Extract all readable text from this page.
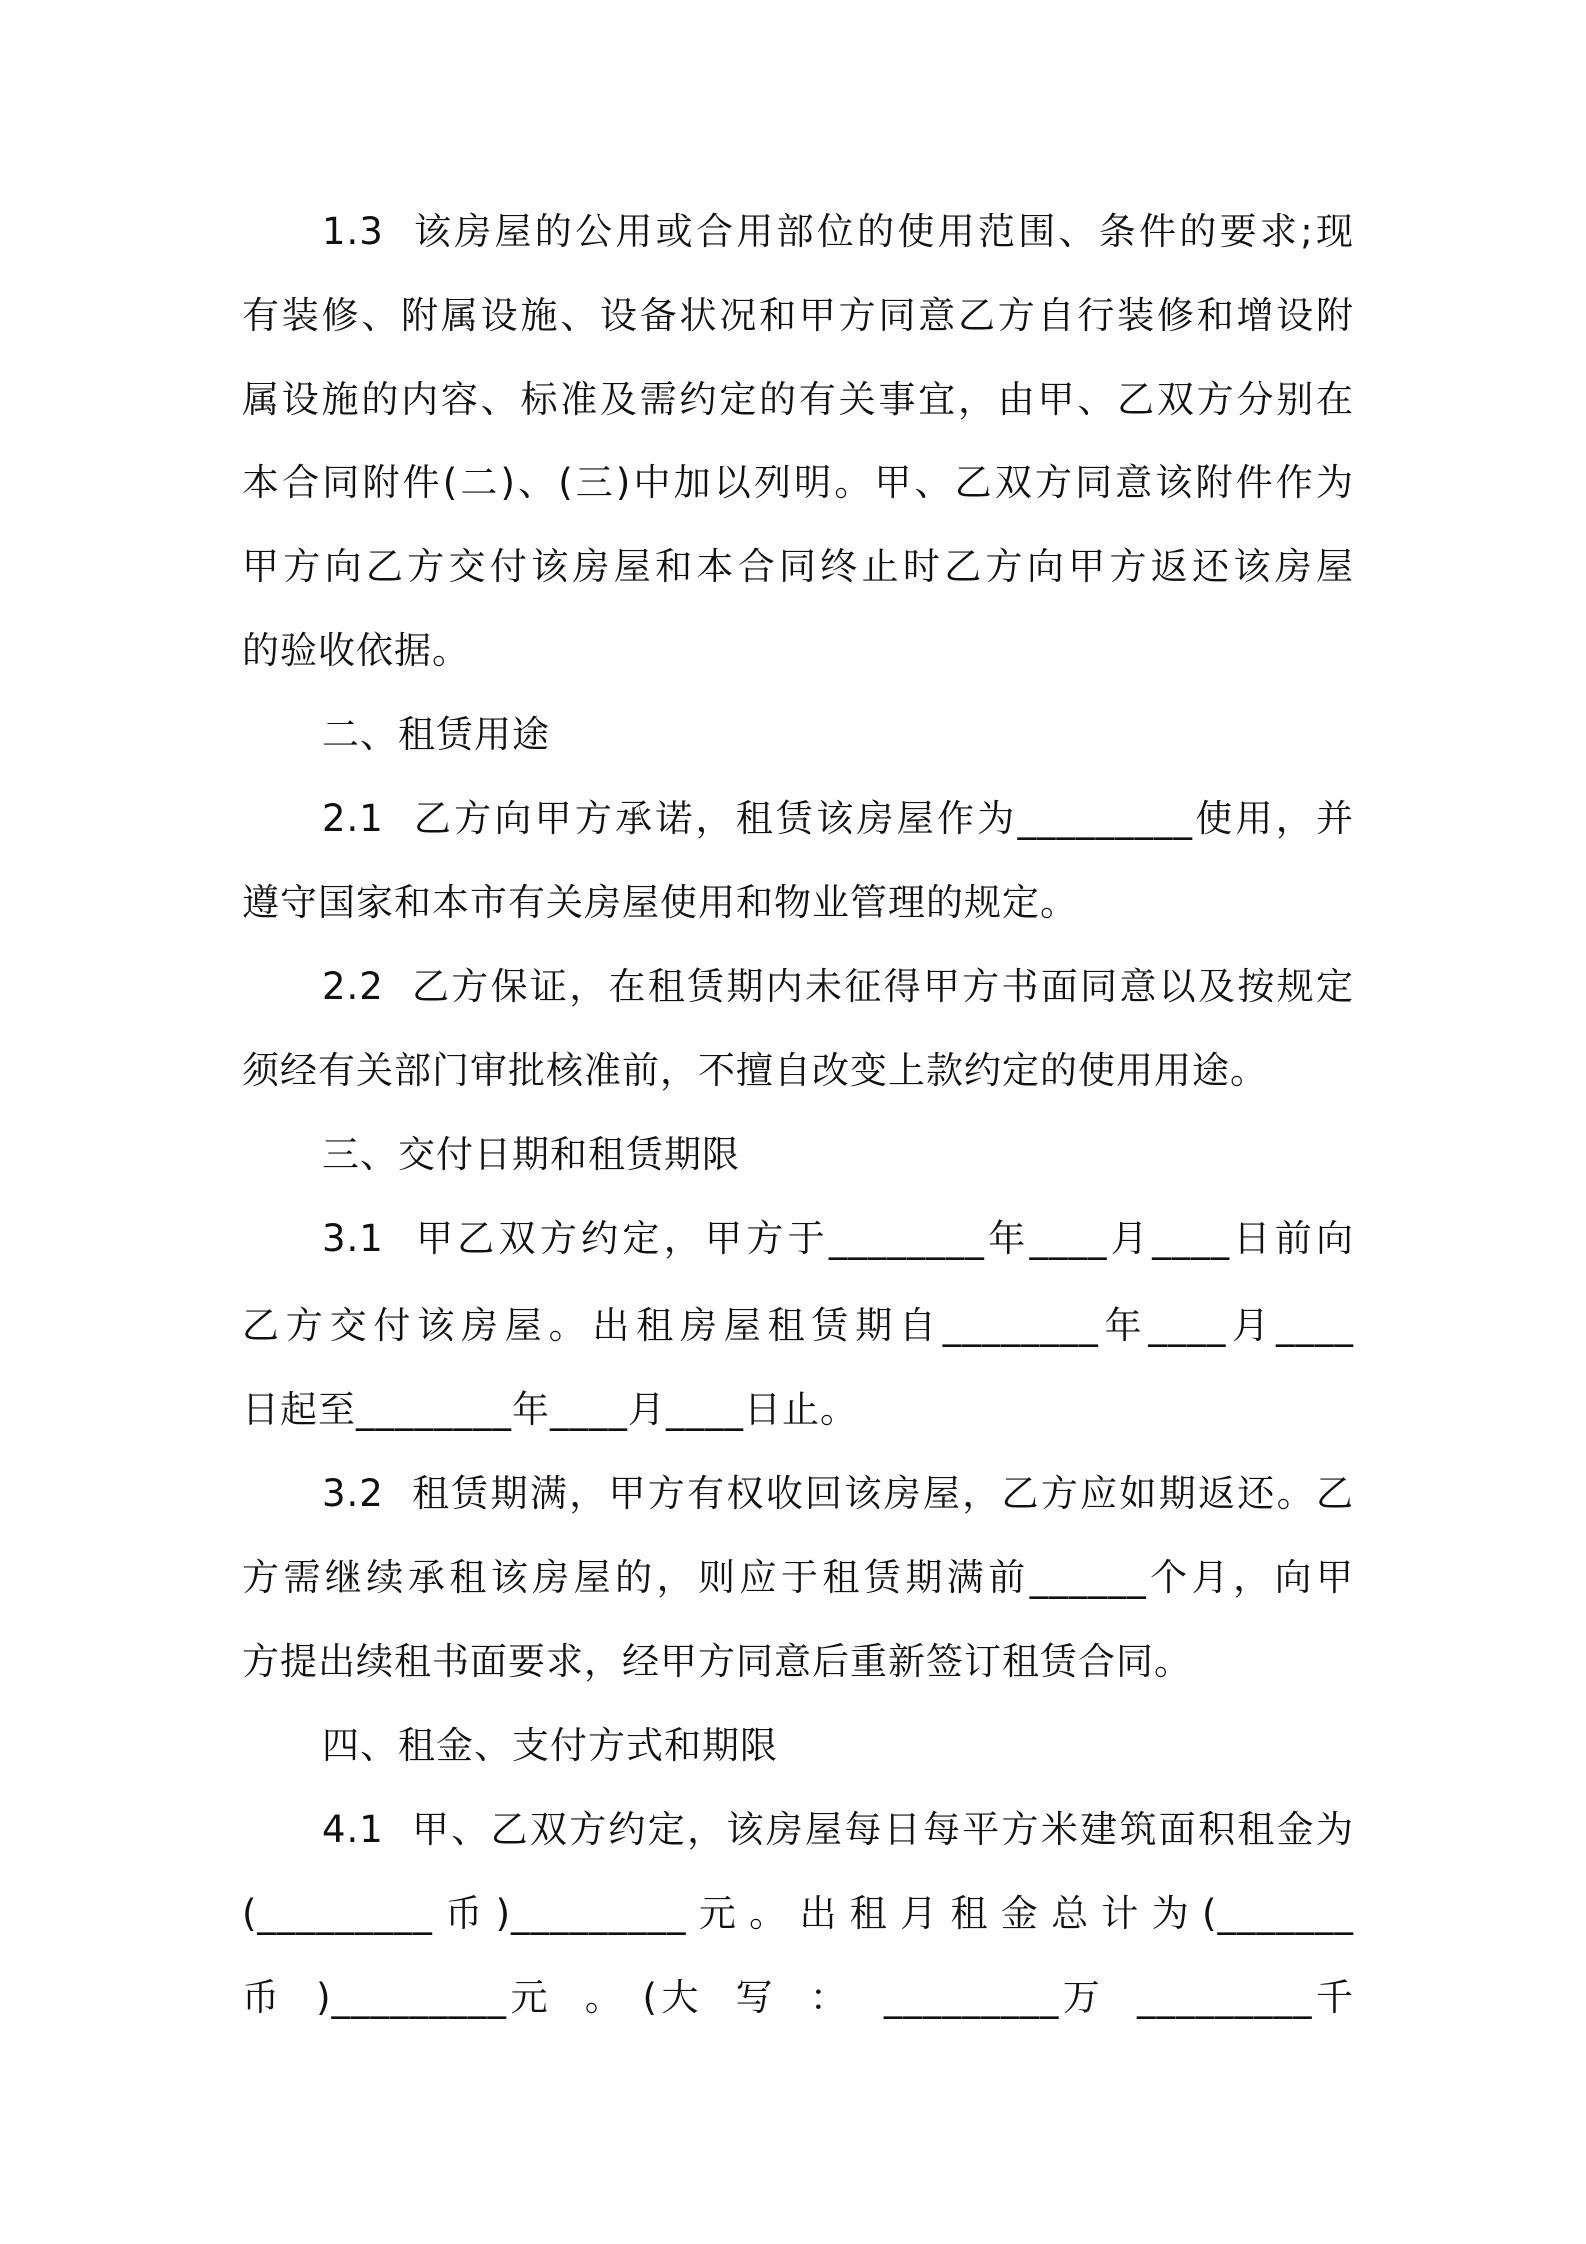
1.3  该房屋的公用或合用部位的使用范围、条件的要求;现
有装修、附属设施、设备状况和甲方同意乙方自行装修和增设附
属设施的内容、标准及需约定的有关事宜，由甲、乙双方分别在
本合同附件(二)、(三)中加以列明。甲、乙双方同意该附件作为
甲方向乙方交付该房屋和本合同终止时乙方向甲方返还该房屋
的验收依据。
二、租赁用途
2.1  乙方向甲方承诺，租赁该房屋作为_________使用，并
遵守国家和本市有关房屋使用和物业管理的规定。
2.2  乙方保证，在租赁期内未征得甲方书面同意以及按规定
须经有关部门审批核准前，不擅自改变上款约定的使用用途。
三、交付日期和租赁期限
3.1  甲乙双方约定，甲方于________年____月____日前向
乙方交付该房屋。出租房屋租赁期自________年____月____
日起至________年____月____日止。
3.2  租赁期满，甲方有权收回该房屋，乙方应如期返还。乙
方需继续承租该房屋的，则应于租赁期满前______个月，向甲
方提出续租书面要求，经甲方同意后重新签订租赁合同。
四、租金、支付方式和期限
4.1  甲、乙双方约定，该房屋每日每平方米建筑面积租金为
(_________币)_________元。出租月租金总计为(_______
币  )_________元  。 (大  写  ：  _________万  _________千
